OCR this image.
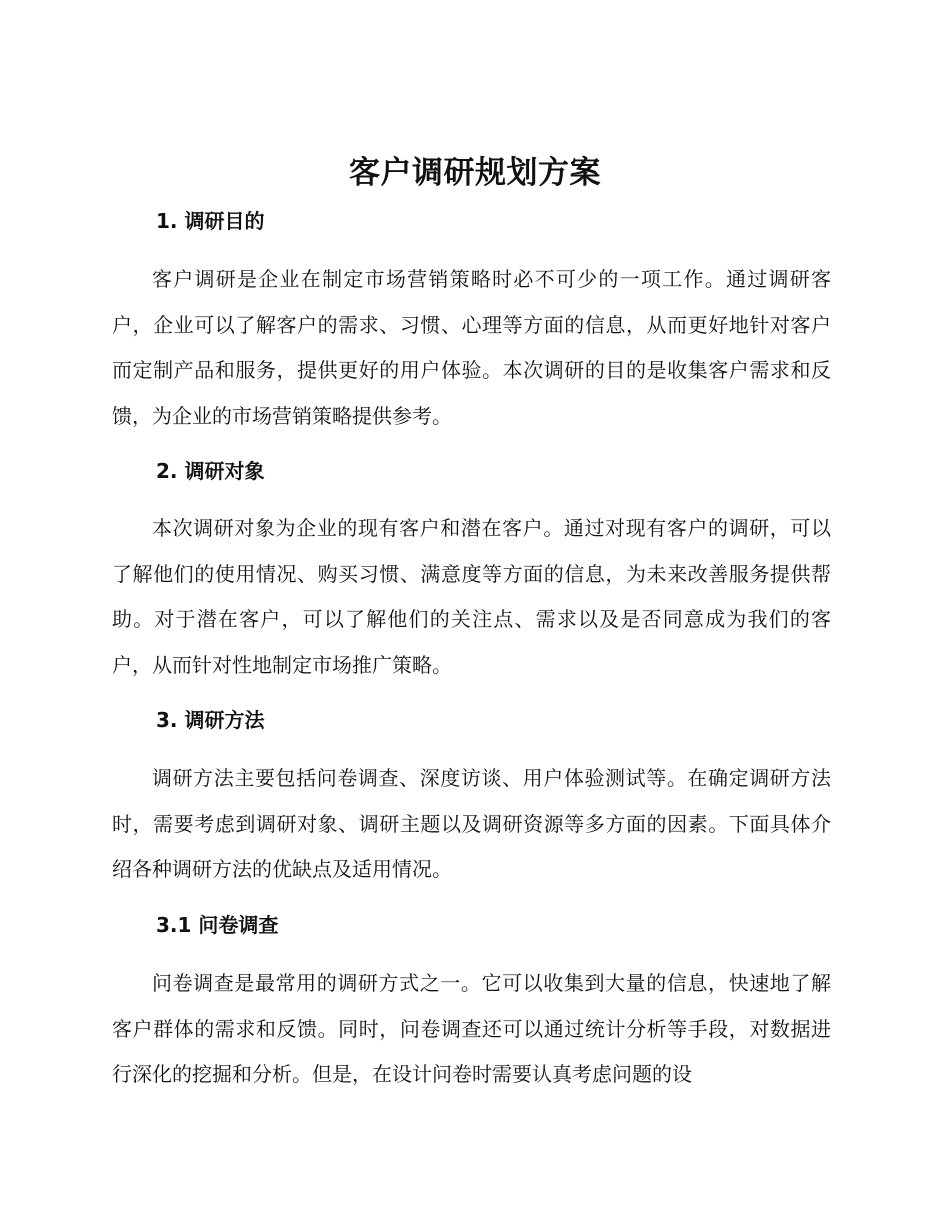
客户调研规划方案
1. 调研目的

客户调研是企业在制定市场营销策略时必不可少的一项工作。通过调研客户，企业可以了解客户的需求、习惯、心理等方面的信息，从而更好地针对客户而定制产品和服务，提供更好的用户体验。本次调研的目的是收集客户需求和反馈，为企业的市场营销策略提供参考。

2. 调研对象

本次调研对象为企业的现有客户和潜在客户。通过对现有客户的调研，可以了解他们的使用情况、购买习惯、满意度等方面的信息，为未来改善服务提供帮助。对于潜在客户，可以了解他们的关注点、需求以及是否同意成为我们的客户，从而针对性地制定市场推广策略。

3. 调研方法

调研方法主要包括问卷调查、深度访谈、用户体验测试等。在确定调研方法时，需要考虑到调研对象、调研主题以及调研资源等多方面的因素。下面具体介绍各种调研方法的优缺点及适用情况。

3.1 问卷调查

问卷调查是最常用的调研方式之一。它可以收集到大量的信息，快速地了解客户群体的需求和反馈。同时，问卷调查还可以通过统计分析等手段，对数据进行深化的挖掘和分析。但是，在设计问卷时需要认真考虑问题的设
